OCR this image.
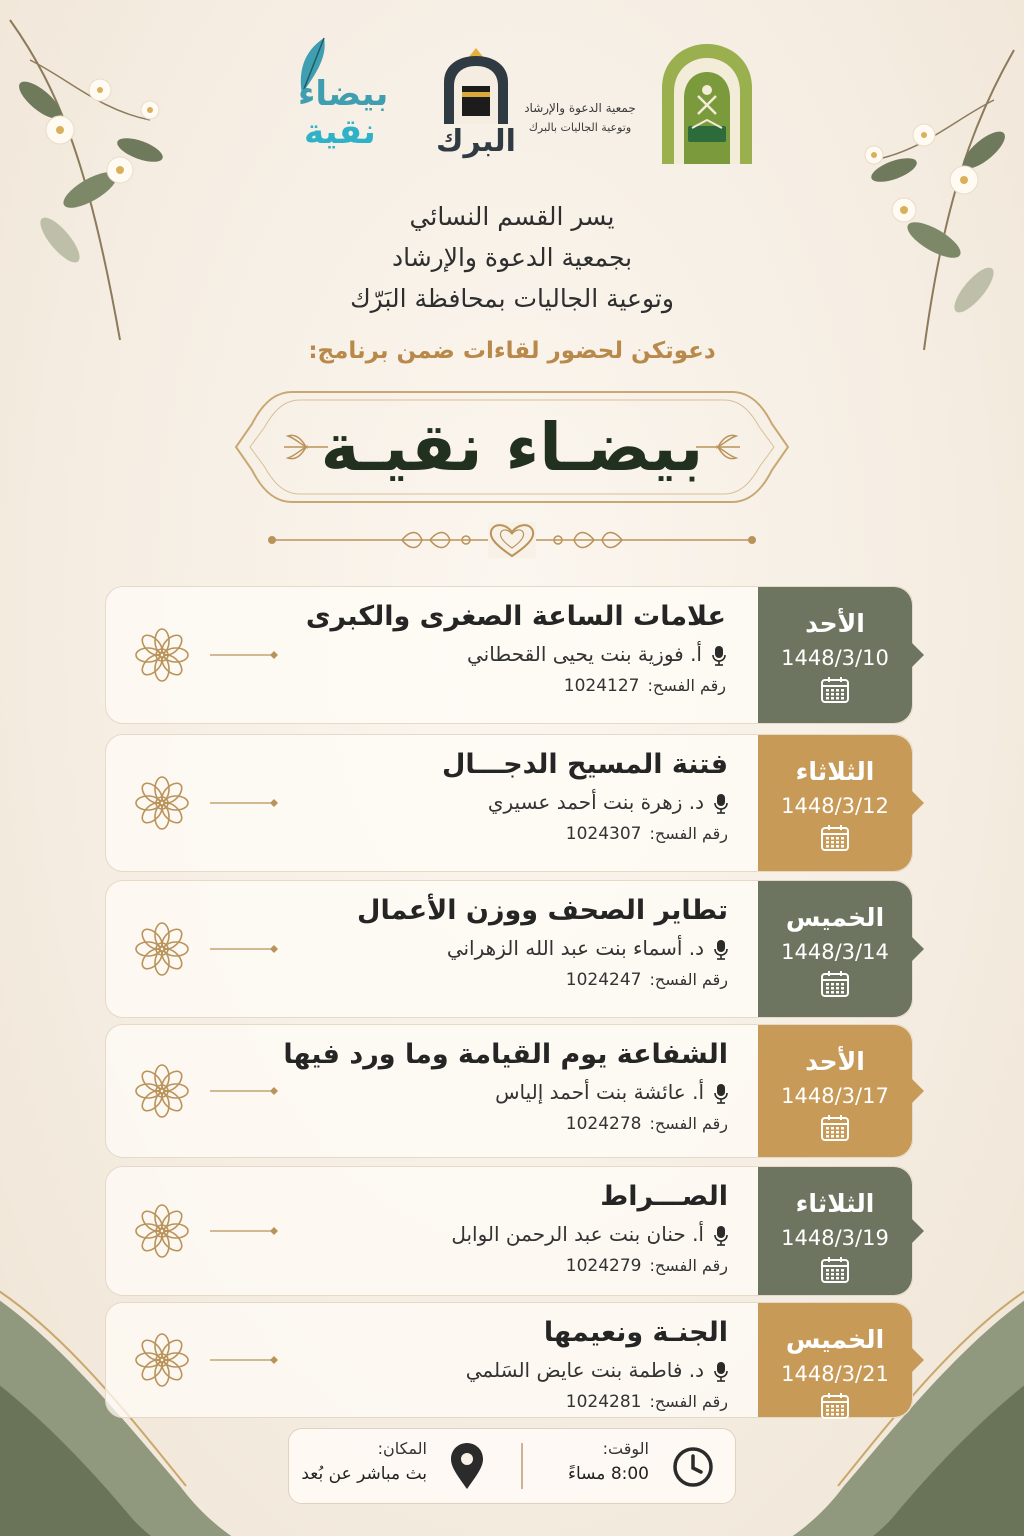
بيضاء
نقية البرك
جمعية الدعوة والإرشاد
وتوعية الجاليات بالبرك
يسر القسم النسائي
بجمعية الدعوة والإرشاد
وتوعية الجاليات بمحافظة البَرّك
دعوتكن لحضور لقاءات ضمن برنامج:
بيضـاء نقيـة
الأحد
1448/3/10
علامات الساعة الصغرى والكبرى
أ. فوزية بنت يحيى القحطاني
رقم الفسح:1024127
الثلاثاء
1448/3/12
فتنة المسيح الدجـــال
د. زهرة بنت أحمد عسيري
رقم الفسح:1024307
الخميس
1448/3/14
تطاير الصحف ووزن الأعمال
د. أسماء بنت عبد الله الزهراني
رقم الفسح:1024247
الأحد
1448/3/17
الشفاعة يوم القيامة وما ورد فيها
أ. عائشة بنت أحمد إلياس
رقم الفسح:1024278
الثلاثاء
1448/3/19
الصـــراط
أ. حنان بنت عبد الرحمن الوابل
رقم الفسح:1024279
الخميس
1448/3/21
الجنـة ونعيمها
د. فاطمة بنت عايض السَلمي
رقم الفسح:1024281
الوقت:
8:00 مساءً
المكان:
بث مباشر عن بُعد
